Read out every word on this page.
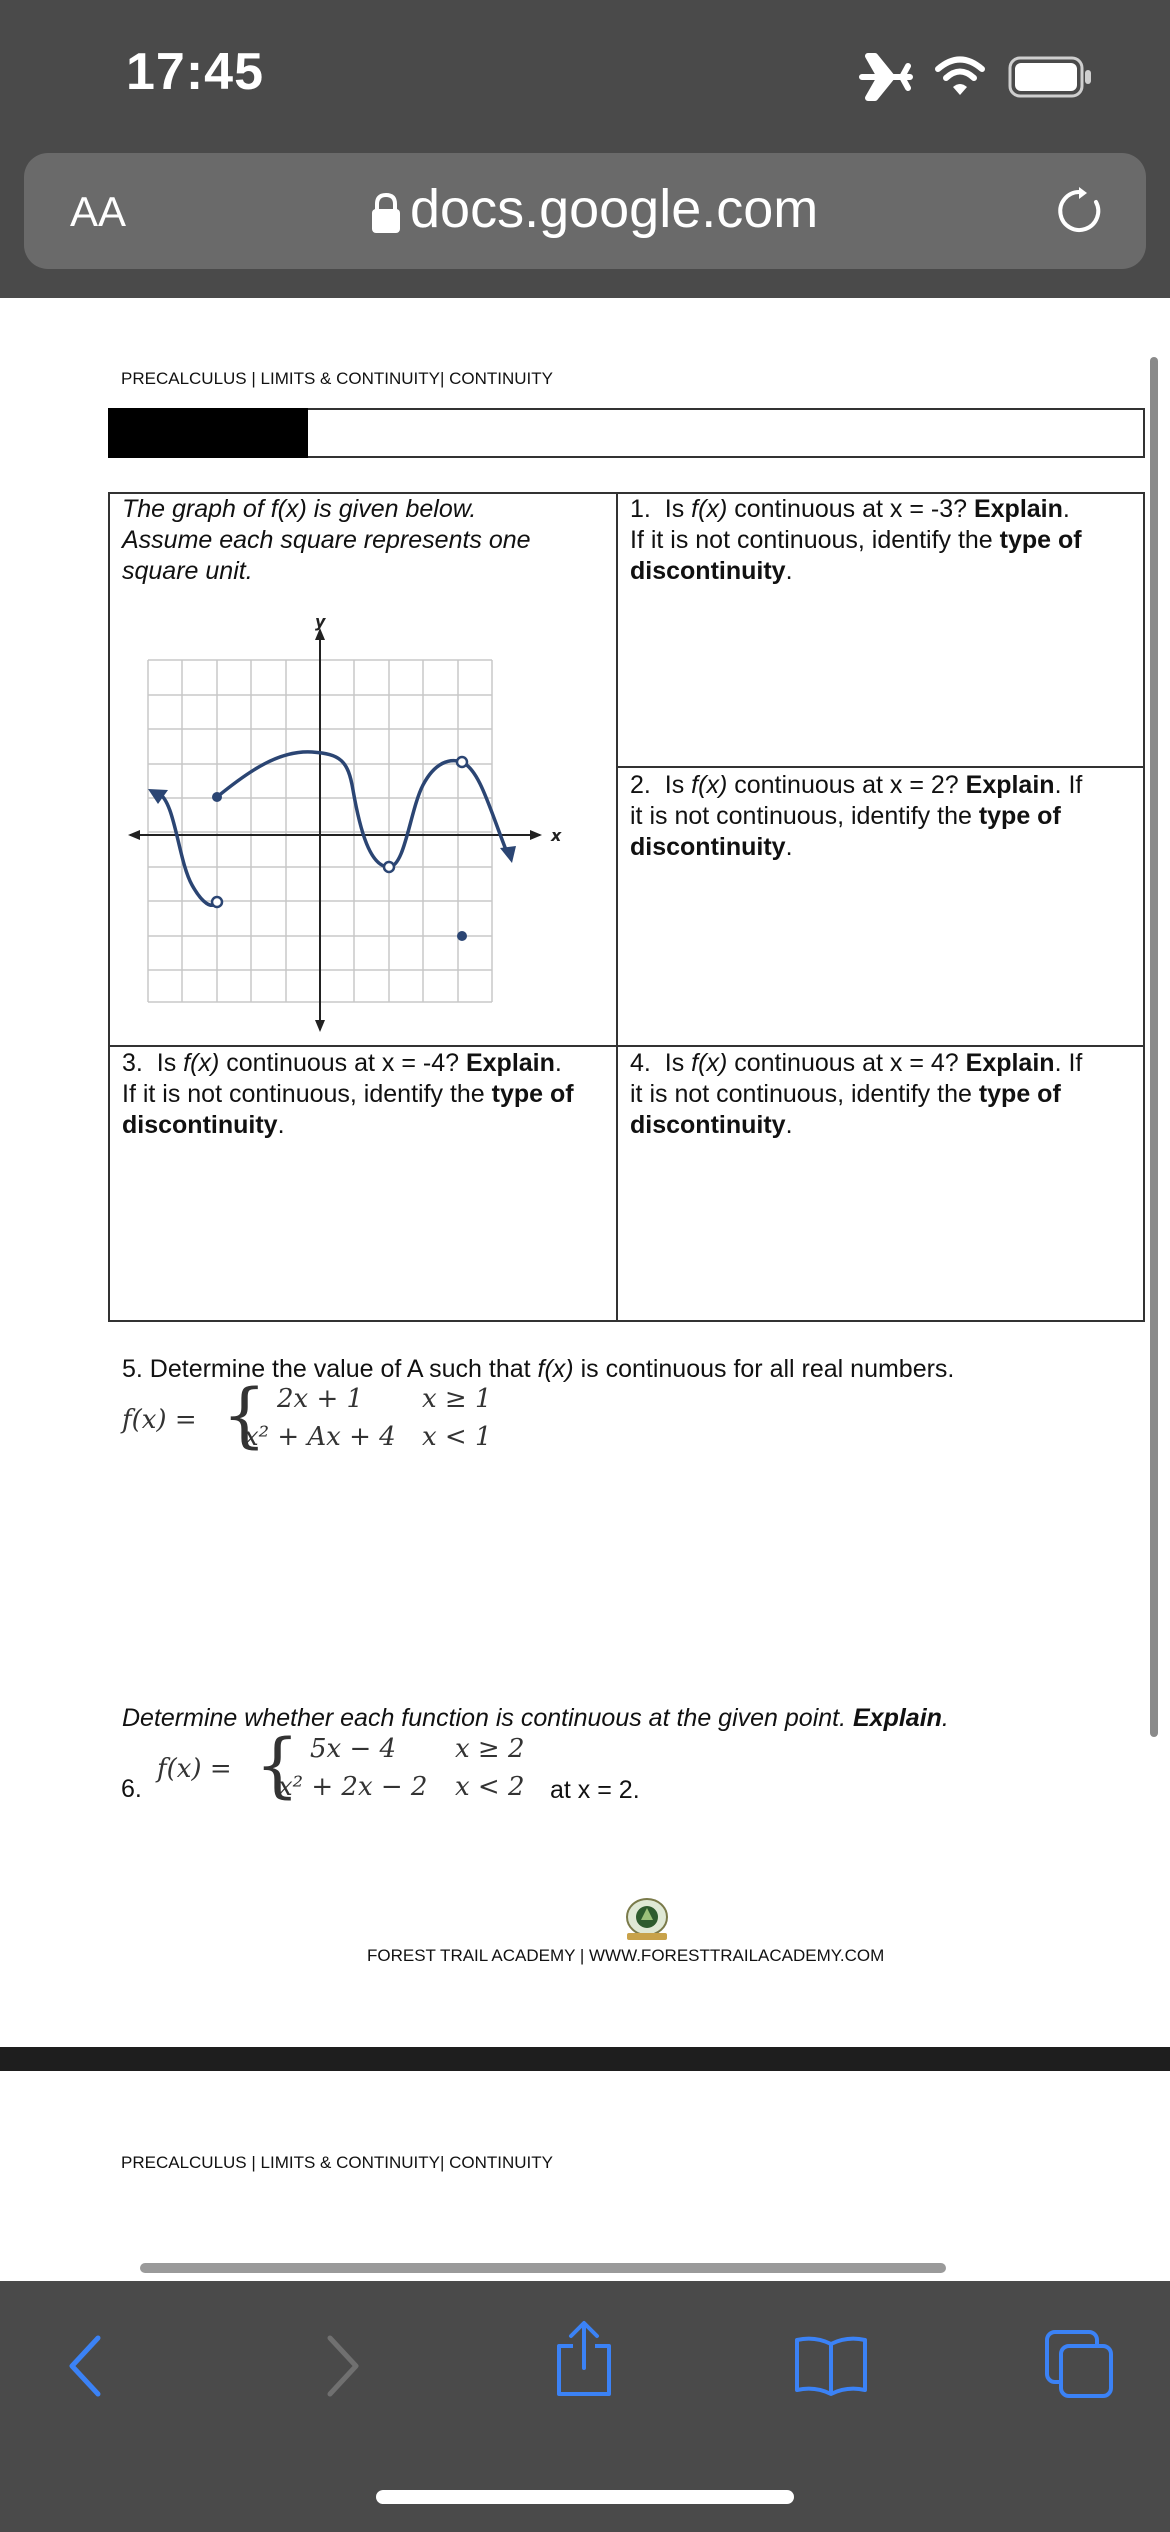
17:45
AA	docs.google.com
PRECALCULUS | LIMITS & CONTINUITY| CONTINUITY
The graph of f(x) is given below.
Assume each square represents one
square unit.
y
x
1. Is f(x) continuous at x = -3? Explain.
If it is not continuous, identify the type of
discontinuity.
2. Is f(x) continuous at x = 2? Explain. If
it is not continuous, identify the type of
discontinuity.
3. Is f(x) continuous at x = -4? Explain.
If it is not continuous, identify the type of
discontinuity.
4. Is f(x) continuous at x = 4? Explain. If
it is not continuous, identify the type of
discontinuity.
5. Determine the value of A such that f(x) is continuous for all real numbers.
f(x) = { 2x + 1 x ≥ 1
x² + Ax + 4 x < 1
Determine whether each function is continuous at the given point. Explain.
6.
f(x) = { 5x − 4 x ≥ 2
x² + 2x − 2 x < 2 at x = 2.
FOREST TRAIL ACADEMY | WWW.FORESTTRAILACADEMY.COM
PRECALCULUS | LIMITS & CONTINUITY| CONTINUITY
